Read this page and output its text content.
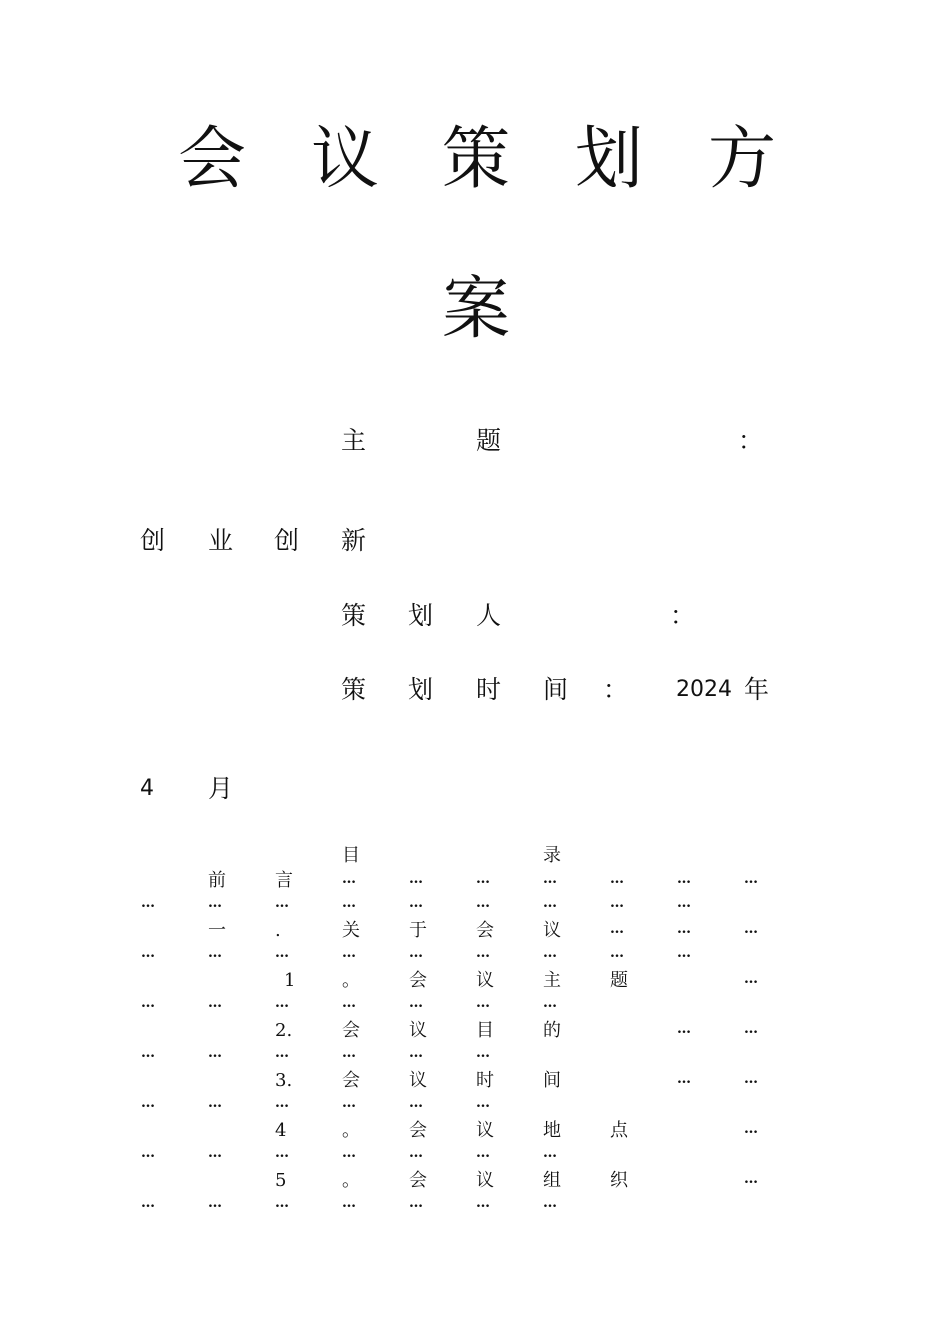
会 议 策 划 方
案
主	题	：
创 业 创 新
策 划 人	：
策 划 时 间 ： 2024 年
4 月
目	录
前	言	…	…	…	…	…	…	…
…	…	…	…	…	…	…	…	…
一	.	关	于	会	议	…	…	…
…	…	…	…	…	…	…	…	…
1	。	会	议	主	题	…
…	…	…	…	…	…	…
2.	会	议	目	的	…	…
…	…	…	…	…	…
3.	会	议	时	间	…	…
…	…	…	…	…	…
4	。	会	议	地	点	…
…	…	…	…	…	…	…
5	。	会	议	组	织	…
…	…	…	…	…	…	…
